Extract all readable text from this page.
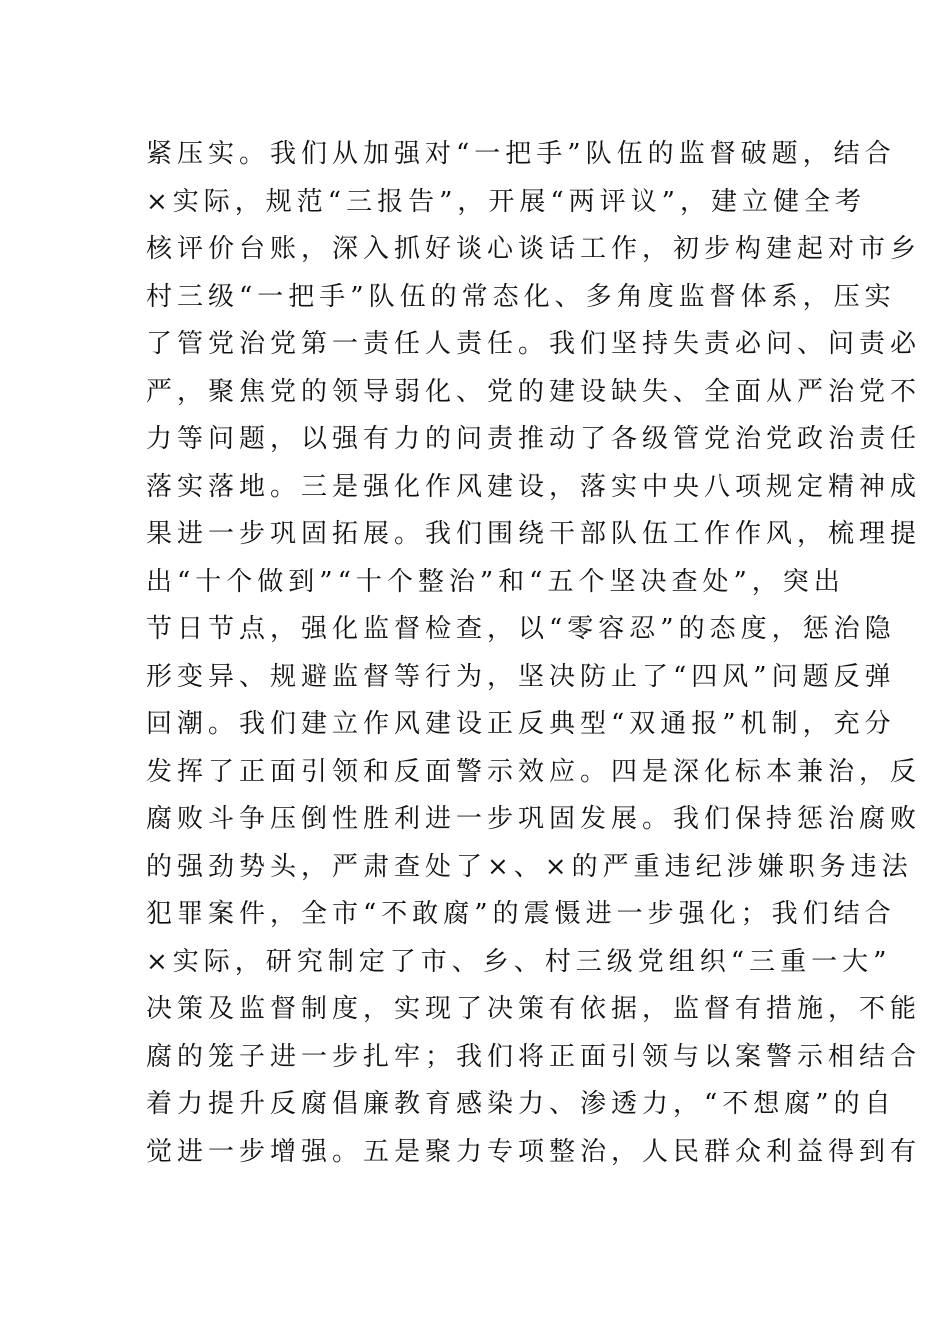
紧压实。我们从加强对“一把手”队伍的监督破题，结合
×实际，规范“三报告”，开展“两评议”，建立健全考
核评价台账，深入抓好谈心谈话工作，初步构建起对市乡
村三级“一把手”队伍的常态化、多角度监督体系，压实
了管党治党第一责任人责任。我们坚持失责必问、问责必
严，聚焦党的领导弱化、党的建设缺失、全面从严治党不
力等问题，以强有力的问责推动了各级管党治党政治责任
落实落地。三是强化作风建设，落实中央八项规定精神成
果进一步巩固拓展。我们围绕干部队伍工作作风，梳理提
出“十个做到”“十个整治”和“五个坚决查处”，突出
节日节点，强化监督检查，以“零容忍”的态度，惩治隐
形变异、规避监督等行为，坚决防止了“四风”问题反弹
回潮。我们建立作风建设正反典型“双通报”机制，充分
发挥了正面引领和反面警示效应。四是深化标本兼治，反
腐败斗争压倒性胜利进一步巩固发展。我们保持惩治腐败
的强劲势头，严肃查处了×、×的严重违纪涉嫌职务违法
犯罪案件，全市“不敢腐”的震慑进一步强化；我们结合
×实际，研究制定了市、乡、村三级党组织“三重一大”
决策及监督制度，实现了决策有依据，监督有措施，不能
腐的笼子进一步扎牢；我们将正面引领与以案警示相结合
着力提升反腐倡廉教育感染力、渗透力，“不想腐”的自
觉进一步增强。五是聚力专项整治，人民群众利益得到有
